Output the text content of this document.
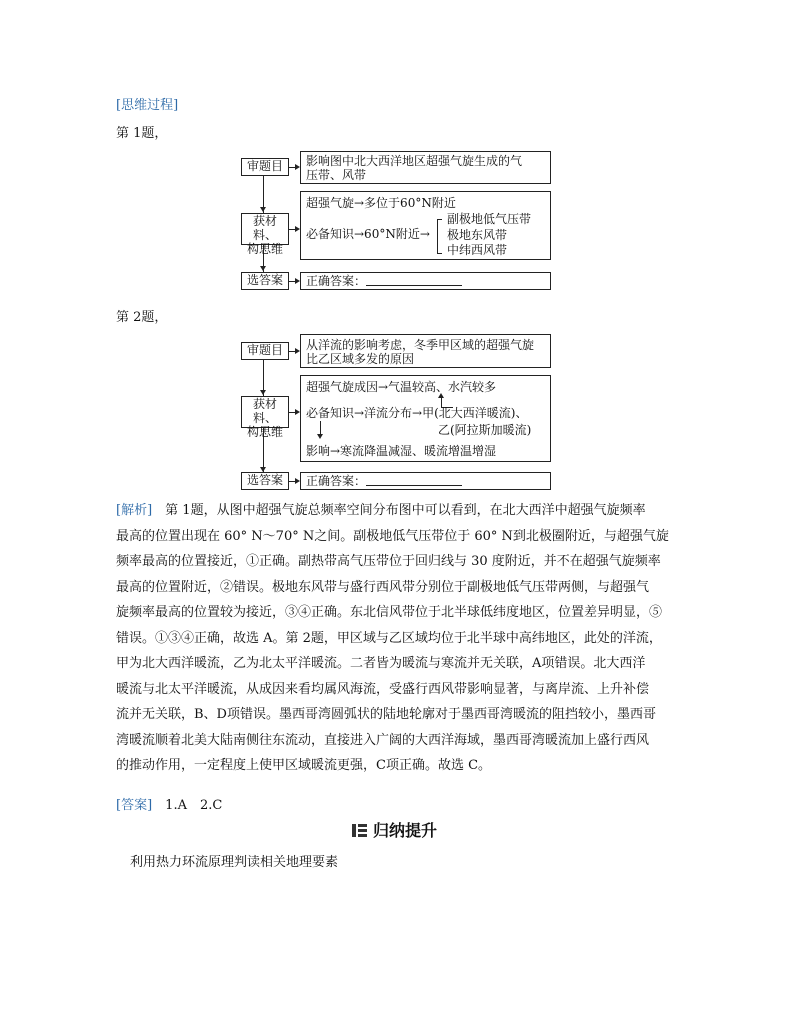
[思维过程]
第 1题，
审题目	影响图中北大西洋地区超强气旋生成的气
压带、风带
获材料、
构思维
超强气旋→多位于60°N附近
必备知识→60°N附近→
副极地低气压带
极地东风带
中纬西风带
选答案	正确答案：
第 2题，
审题目	从洋流的影响考虑，冬季甲区域的超强气旋
比乙区域多发的原因
获材料、
构思维
超强气旋成因→气温较高、水汽较多
必备知识→洋流分布→甲(北大西洋暖流)、
乙(阿拉斯加暖流)
影响→寒流降温减湿、暖流增温增湿
选答案	正确答案：
[解析]　 第 1题，从图中超强气旋总频率空间分布图中可以看到，在北大西洋中超强气旋频率
最高的位置出现在 60° N～70° N之间。副极地低气压带位于 60° N到北极圈附近，与超强气旋
频率最高的位置接近，①正确。副热带高气压带位于回归线与 30 度附近，并不在超强气旋频率
最高的位置附近，②错误。极地东风带与盛行西风带分别位于副极地低气压带两侧，与超强气
旋频率最高的位置较为接近，③④正确。东北信风带位于北半球低纬度地区，位置差异明显，⑤
错误。①③④正确，故选 A。第 2题，甲区域与乙区域均位于北半球中高纬地区，此处的洋流，
甲为北大西洋暖流，乙为北太平洋暖流。二者皆为暖流与寒流并无关联，A项错误。北大西洋
暖流与北太平洋暖流，从成因来看均属风海流，受盛行西风带影响显著，与离岸流、上升补偿
流并无关联，B、D项错误。墨西哥湾圆弧状的陆地轮廓对于墨西哥湾暖流的阻挡较小，墨西哥
湾暖流顺着北美大陆南侧往东流动，直接进入广阔的大西洋海域，墨西哥湾暖流加上盛行西风
的推动作用，一定程度上使甲区域暖流更强，C项正确。故选 C。
[答案]　 1.A　2.C
归纳提升
利用热力环流原理判读相关地理要素
